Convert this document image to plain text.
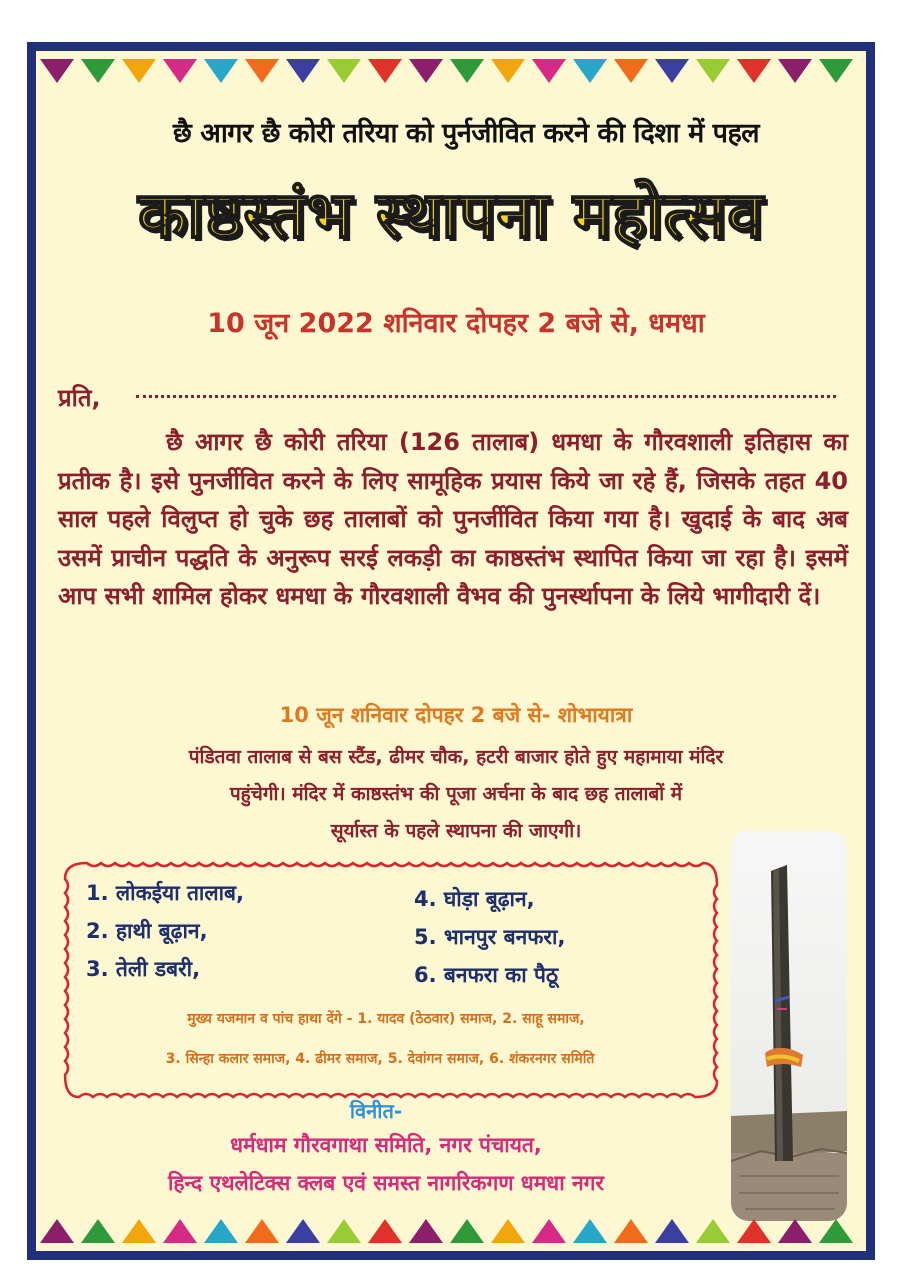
छै आगर छै कोरी तरिया को पुर्नजीवित करने की दिशा में पहल
काष्ठस्तंभ स्थापना महोत्सव
10 जून 2022 शनिवार दोपहर 2 बजे से, धमधा
प्रति,
छै आगर छै कोरी तरिया (126 तालाब) धमधा के गौरवशाली इतिहास का प्रतीक है। इसे पुनर्जीवित करने के लिए सामूहिक प्रयास किये जा रहे हैं, जिसके तहत 40 साल पहले विलुप्त हो चुके छह तालाबों को पुनर्जीवित किया गया है। खुदाई के बाद अब उसमें प्राचीन पद्धति के अनुरूप सरई लकड़ी का काष्ठस्तंभ स्थापित किया जा रहा है। इसमें आप सभी शामिल होकर धमधा के गौरवशाली वैभव की पुनर्स्थापना के लिये भागीदारी दें।
10 जून शनिवार दोपहर 2 बजे से- शोभायात्रा
पंडितवा तालाब से बस स्टैंड, ढीमर चौक, हटरी बाजार होते हुए महामाया मंदिर
पहुंचेगी। मंदिर में काष्ठस्तंभ की पूजा अर्चना के बाद छह तालाबों में
सूर्यास्त के पहले स्थापना की जाएगी।
1. लोकईया तालाब,
2. हाथी बूढ़ान,
3. तेली डबरी,
4. घोड़ा बूढ़ान,
5. भानपुर बनफरा,
6. बनफरा का पैठू
मुख्य यजमान व पांच हाथा देंगे - 1. यादव (ठेठवार) समाज, 2. साहू समाज,
3. सिन्हा कलार समाज, 4. ढीमर समाज, 5. देवांगन समाज, 6. शंकरनगर समिति
विनीत-
धर्मधाम गौरवगाथा समिति, नगर पंचायत,
हिन्द एथलेटिक्स क्लब एवं समस्त नागरिकगण धमधा नगर
